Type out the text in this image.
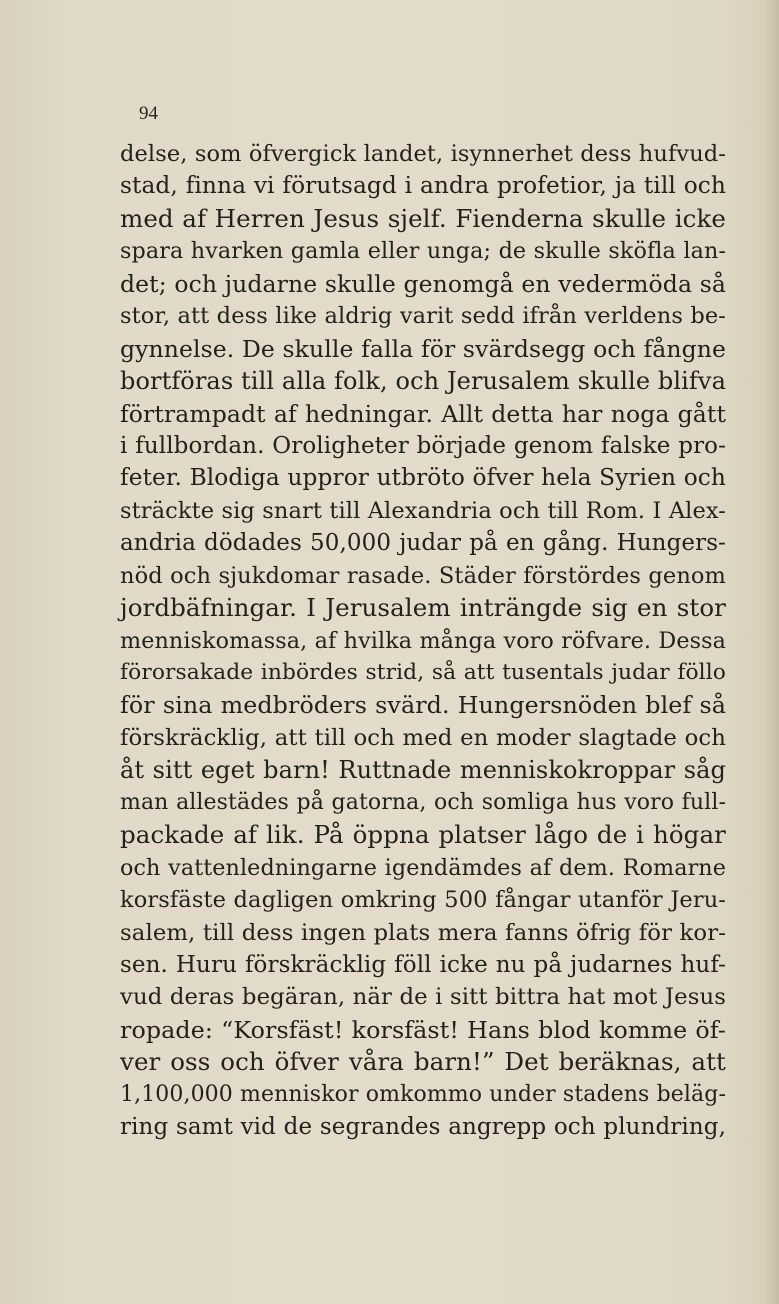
94
delse, som öfvergick landet, isynnerhet dess hufvud-
stad, finna vi förutsagd i andra profetior, ja till och
med af Herren Jesus sjelf. Fienderna skulle icke
spara hvarken gamla eller unga; de skulle sköfla lan-
det; och judarne skulle genomgå en vedermöda så
stor, att dess like aldrig varit sedd ifrån verldens be-
gynnelse. De skulle falla för svärdsegg och fångne
bortföras till alla folk, och Jerusalem skulle blifva
förtrampadt af hedningar. Allt detta har noga gått
i fullbordan. Oroligheter började genom falske pro-
feter. Blodiga uppror utbröto öfver hela Syrien och
sträckte sig snart till Alexandria och till Rom. I Alex-
andria dödades 50,000 judar på en gång. Hungers-
nöd och sjukdomar rasade. Städer förstördes genom
jordbäfningar. I Jerusalem inträngde sig en stor
menniskomassa, af hvilka många voro röfvare. Dessa
förorsakade inbördes strid, så att tusentals judar föllo
för sina medbröders svärd. Hungersnöden blef så
förskräcklig, att till och med en moder slagtade och
åt sitt eget barn! Ruttnade menniskokroppar såg
man allestädes på gatorna, och somliga hus voro full-
packade af lik. På öppna platser lågo de i högar
och vattenledningarne igendämdes af dem. Romarne
korsfäste dagligen omkring 500 fångar utanför Jeru-
salem, till dess ingen plats mera fanns öfrig för kor-
sen. Huru förskräcklig föll icke nu på judarnes huf-
vud deras begäran, när de i sitt bittra hat mot Jesus
ropade: “Korsfäst! korsfäst! Hans blod komme öf-
ver oss och öfver våra barn!” Det beräknas, att
1,100,000 menniskor omkommo under stadens beläg-
ring samt vid de segrandes angrepp och plundring,
